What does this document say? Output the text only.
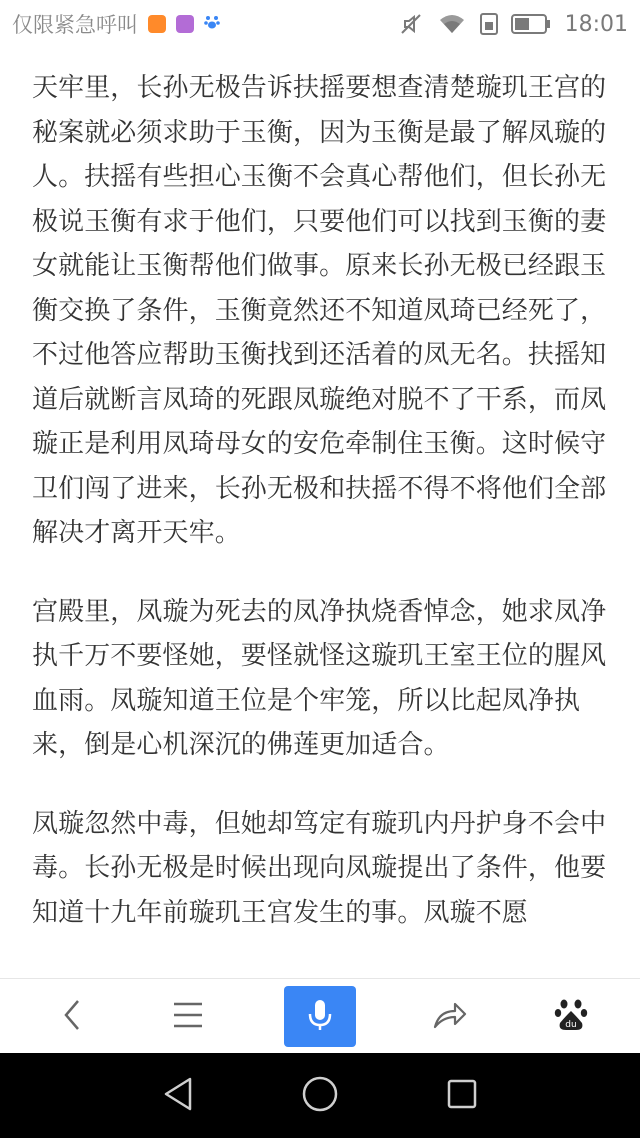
仅限紧急呼叫	18:01

天牢里，长孙无极告诉扶摇要想查清楚璇玑王宫的秘案就必须求助于玉衡，因为玉衡是最了解凤璇的人。扶摇有些担心玉衡不会真心帮他们，但长孙无极说玉衡有求于他们，只要他们可以找到玉衡的妻女就能让玉衡帮他们做事。原来长孙无极已经跟玉衡交换了条件，玉衡竟然还不知道凤琦已经死了，不过他答应帮助玉衡找到还活着的凤无名。扶摇知道后就断言凤琦的死跟凤璇绝对脱不了干系，而凤璇正是利用凤琦母女的安危牵制住玉衡。这时候守卫们闯了进来，长孙无极和扶摇不得不将他们全部解决才离开天牢。

宫殿里，凤璇为死去的凤净执烧香悼念，她求凤净执千万不要怪她，要怪就怪这璇玑王室王位的腥风血雨。凤璇知道王位是个牢笼，所以比起凤净执来，倒是心机深沉的佛莲更加适合。

凤璇忽然中毒，但她却笃定有璇玑内丹护身不会中毒。长孙无极是时候出现向凤璇提出了条件，他要知道十九年前璇玑王宫发生的事。凤璇不愿

du
